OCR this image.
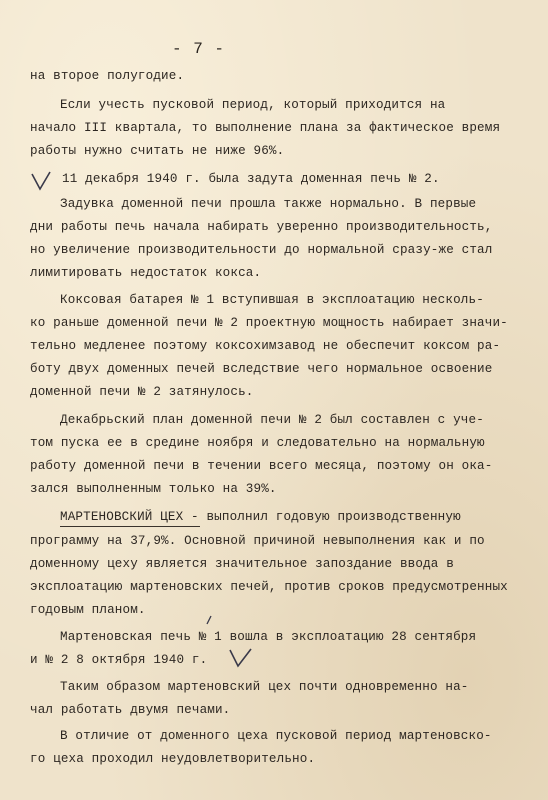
- 7 -
на второе полугодие.
Если учесть пусковой период, который приходится на
начало III квартала, то выполнение плана за фактическое время
работы нужно считать не ниже 96%.
11 декабря 1940 г. была задута доменная печь № 2.
Задувка доменной печи прошла также нормально. В первые
дни работы печь начала набирать уверенно производительность,
но увеличение производительности до нормальной сразу-же стал
лимитировать недостаток кокса.
Коксовая батарея № 1 вступившая в эксплоатацию несколь-
ко раньше доменной печи № 2 проектную мощность набирает значи-
тельно медленее поэтому коксохимзавод не обеспечит коксом ра-
боту двух доменных печей вследствие чего нормальное освоение
доменной печи № 2 затянулось.
Декабрьский план доменной печи № 2 был составлен с уче-
том пуска ее в средине ноября и следовательно на нормальную
работу доменной печи в течении всего месяца, поэтому он ока-
зался выполненным только на 39%.
МАРТЕНОВСКИЙ ЦЕХ - выполнил годовую производственную
программу на 37,9%. Основной причиной невыполнения как и по
доменному цеху является значительное запоздание ввода в
эксплоатацию мартеновских печей, против сроков предусмотренных
годовым планом.
Мартеновская печь № 1 вошла в эксплоатацию 28 сентября
и № 2 8 октября 1940 г.
Таким образом мартеновский цех почти одновременно на-
чал работать двумя печами.
В отличие от доменного цеха пусковой период мартеновско-
го цеха проходил неудовлетворительно.
